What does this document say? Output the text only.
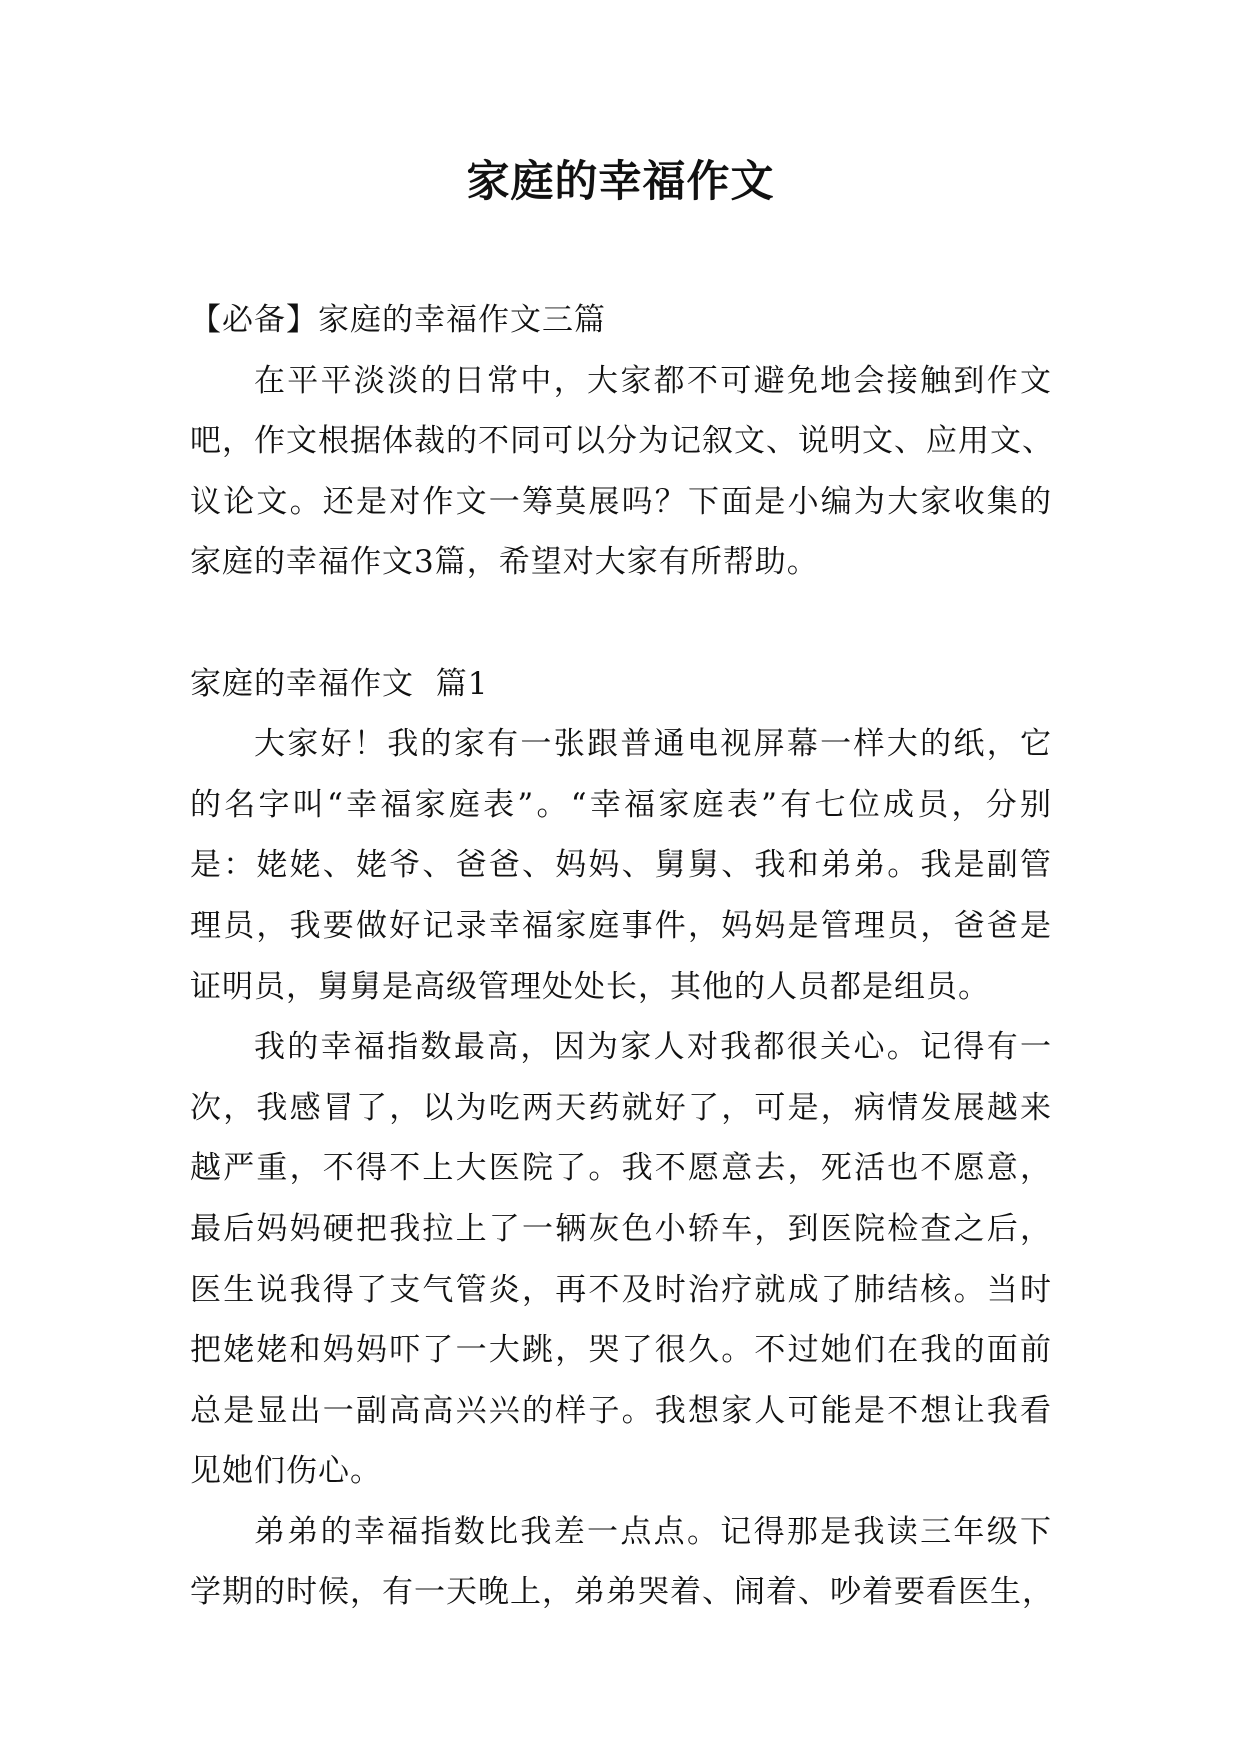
家庭的幸福作文
【必备】家庭的幸福作文三篇
在平平淡淡的日常中，大家都不可避免地会接触到作文
吧，作文根据体裁的不同可以分为记叙文、说明文、应用文、
议论文。还是对作文一筹莫展吗？下面是小编为大家收集的
家庭的幸福作文3篇，希望对大家有所帮助。
家庭的幸福作文  篇1
大家好！我的家有一张跟普通电视屏幕一样大的纸，它
的名字叫“幸福家庭表”。“幸福家庭表”有七位成员，分别
是：姥姥、姥爷、爸爸、妈妈、舅舅、我和弟弟。我是副管
理员，我要做好记录幸福家庭事件，妈妈是管理员，爸爸是
证明员，舅舅是高级管理处处长，其他的人员都是组员。
我的幸福指数最高，因为家人对我都很关心。记得有一
次，我感冒了，以为吃两天药就好了，可是，病情发展越来
越严重，不得不上大医院了。我不愿意去，死活也不愿意，
最后妈妈硬把我拉上了一辆灰色小轿车，到医院检查之后，
医生说我得了支气管炎，再不及时治疗就成了肺结核。当时
把姥姥和妈妈吓了一大跳，哭了很久。不过她们在我的面前
总是显出一副高高兴兴的样子。我想家人可能是不想让我看
见她们伤心。
弟弟的幸福指数比我差一点点。记得那是我读三年级下
学期的时候，有一天晚上，弟弟哭着、闹着、吵着要看医生，
